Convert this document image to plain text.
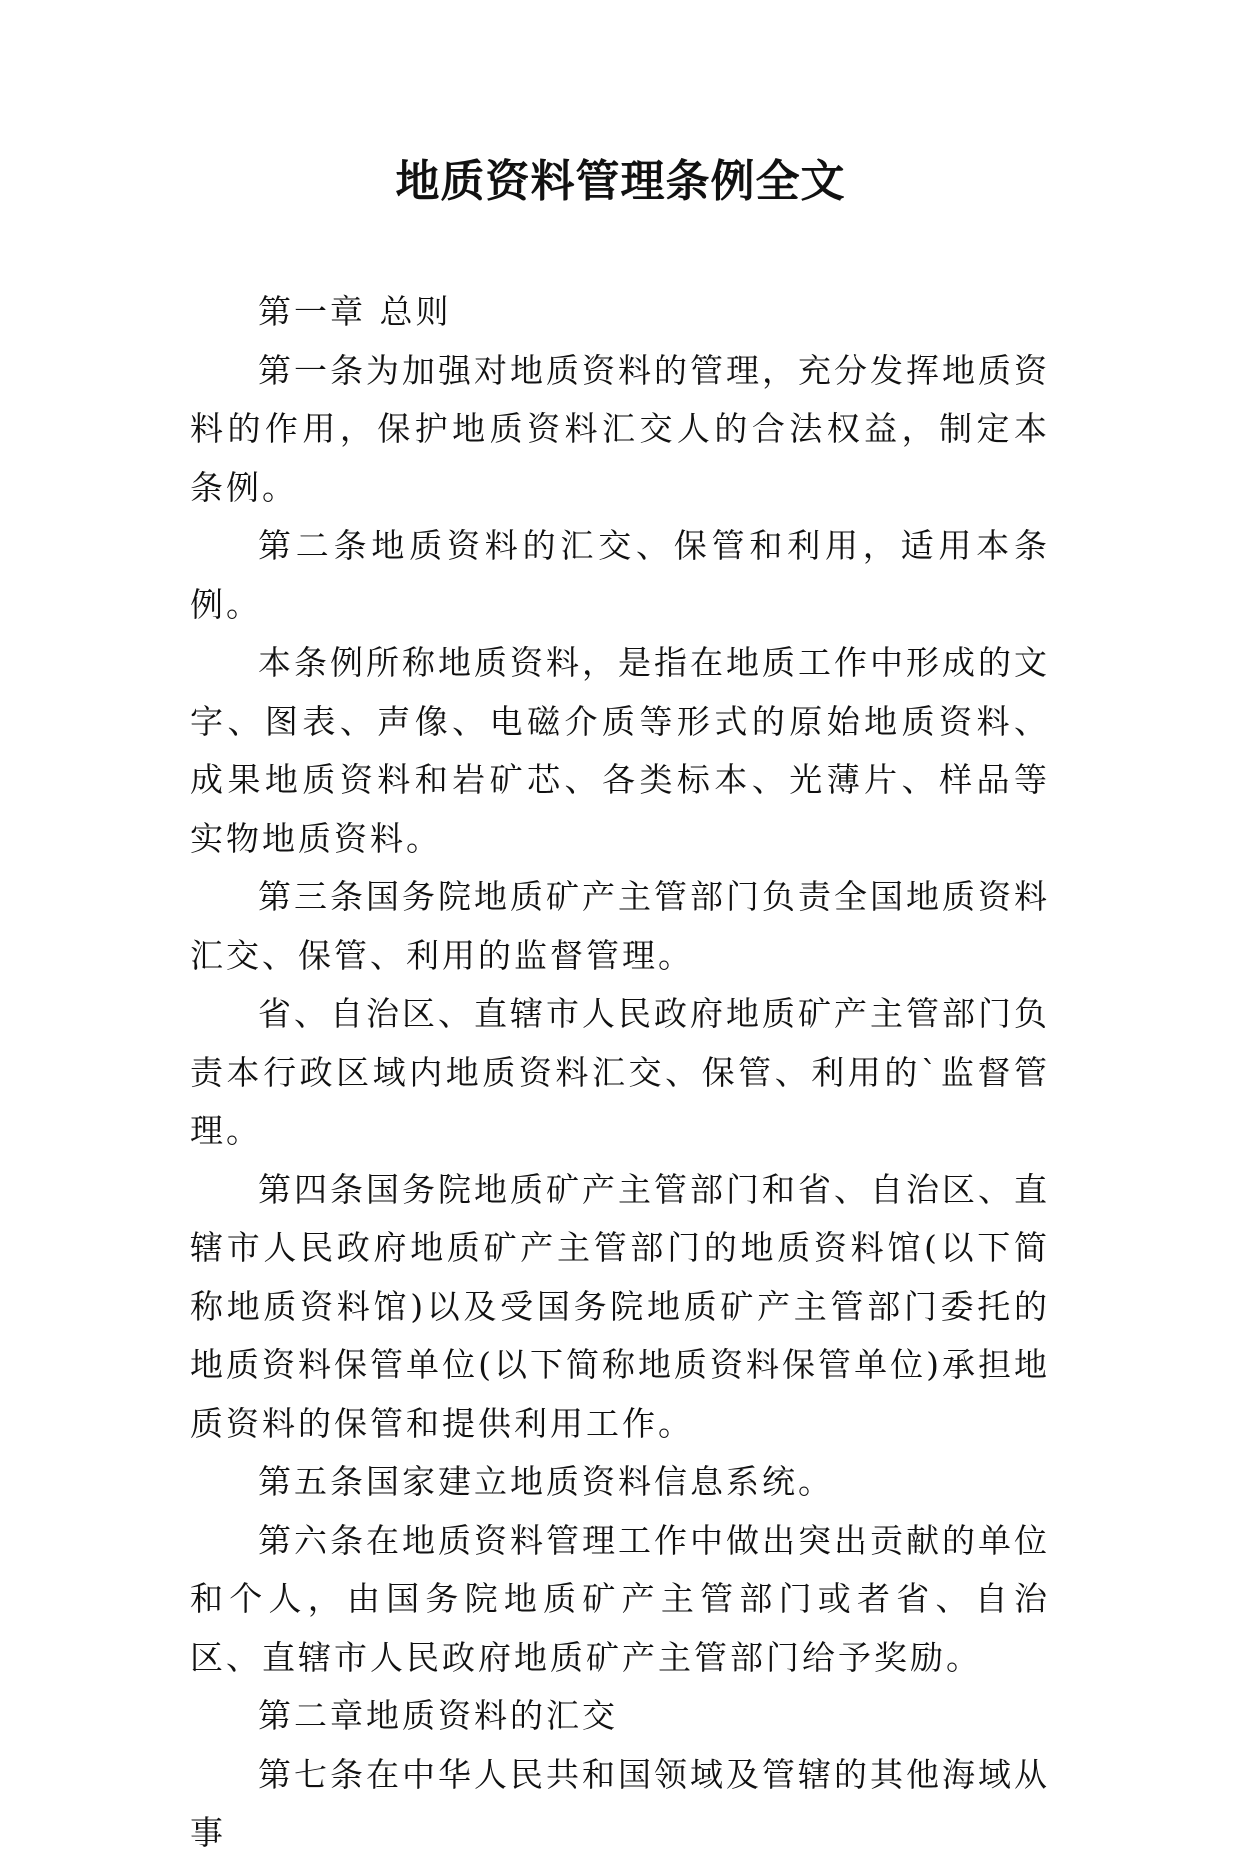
地质资料管理条例全文

第一章 总则

第一条为加强对地质资料的管理，充分发挥地质资料的作用，保护地质资料汇交人的合法权益，制定本条例。

第二条地质资料的汇交、保管和利用，适用本条例。

本条例所称地质资料，是指在地质工作中形成的文字、图表、声像、电磁介质等形式的原始地质资料、成果地质资料和岩矿芯、各类标本、光薄片、样品等实物地质资料。

第三条国务院地质矿产主管部门负责全国地质资料汇交、保管、利用的监督管理。

省、自治区、直辖市人民政府地质矿产主管部门负责本行政区域内地质资料汇交、保管、利用的`监督管理。

第四条国务院地质矿产主管部门和省、自治区、直辖市人民政府地质矿产主管部门的地质资料馆(以下简称地质资料馆)以及受国务院地质矿产主管部门委托的地质资料保管单位(以下简称地质资料保管单位)承担地质资料的保管和提供利用工作。

第五条国家建立地质资料信息系统。

第六条在地质资料管理工作中做出突出贡献的单位和个人，由国务院地质矿产主管部门或者省、自治区、直辖市人民政府地质矿产主管部门给予奖励。

第二章地质资料的汇交

第七条在中华人民共和国领域及管辖的其他海域从事
